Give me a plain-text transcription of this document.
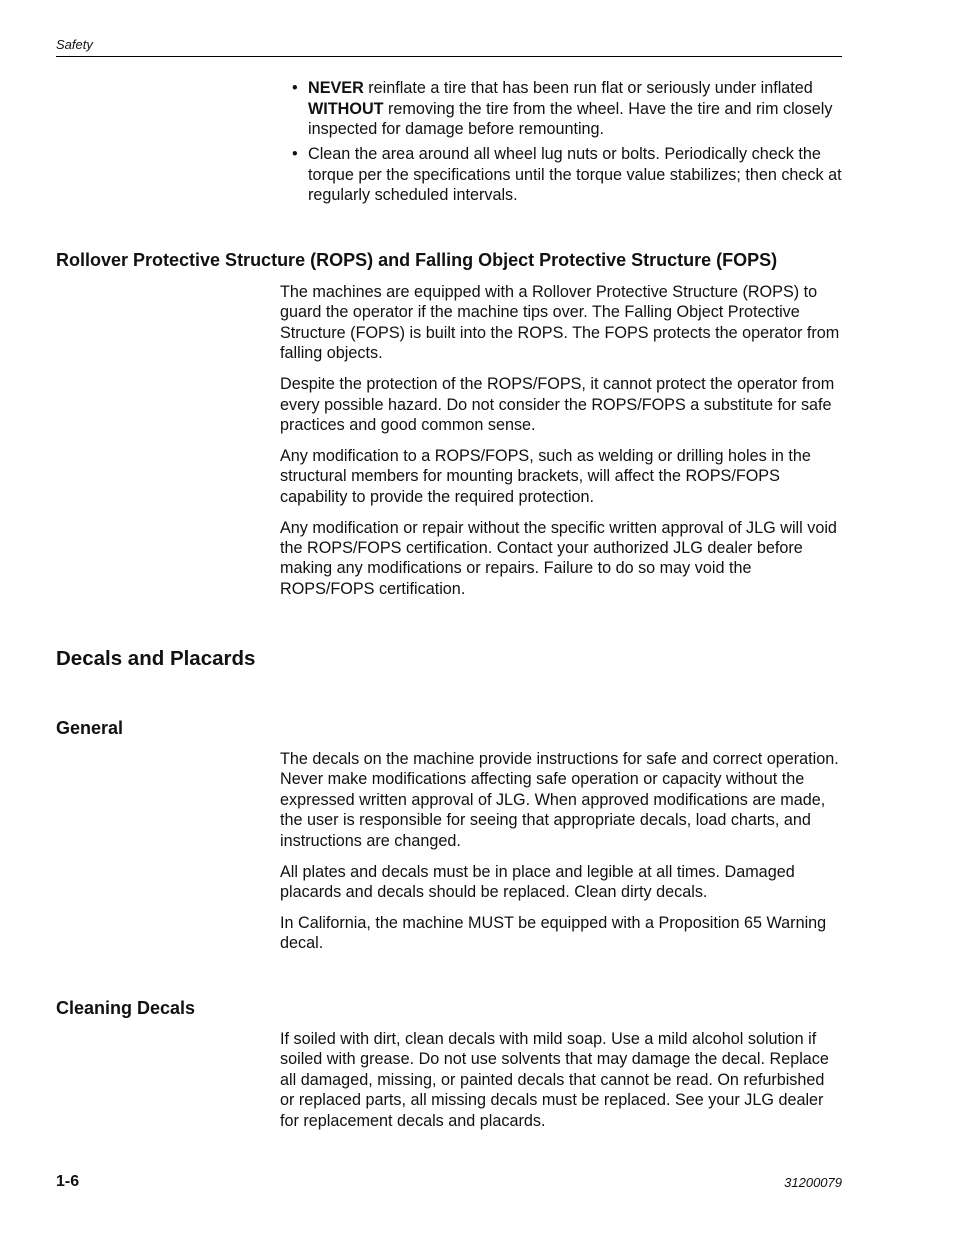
Safety
• NEVER reinflate a tire that has been run flat or seriously under inflated WITHOUT removing the tire from the wheel. Have the tire and rim closely inspected for damage before remounting.
• Clean the area around all wheel lug nuts or bolts. Periodically check the torque per the specifications until the torque value stabilizes; then check at regularly scheduled intervals.
Rollover Protective Structure (ROPS) and Falling Object Protective Structure (FOPS)

The machines are equipped with a Rollover Protective Structure (ROPS) to guard the operator if the machine tips over. The Falling Object Protective Structure (FOPS) is built into the ROPS. The FOPS protects the operator from falling objects.

Despite the protection of the ROPS/FOPS, it cannot protect the operator from every possible hazard. Do not consider the ROPS/FOPS a substitute for safe practices and good common sense.

Any modification to a ROPS/FOPS, such as welding or drilling holes in the structural members for mounting brackets, will affect the ROPS/FOPS capability to provide the required protection.

Any modification or repair without the specific written approval of JLG will void the ROPS/FOPS certification. Contact your authorized JLG dealer before making any modifications or repairs. Failure to do so may void the ROPS/FOPS certification.

Decals and Placards
General

The decals on the machine provide instructions for safe and correct operation. Never make modifications affecting safe operation or capacity without the expressed written approval of JLG. When approved modifications are made, the user is responsible for seeing that appropriate decals, load charts, and instructions are changed.

All plates and decals must be in place and legible at all times. Damaged placards and decals should be replaced. Clean dirty decals.

In California, the machine MUST be equipped with a Proposition 65 Warning decal.

Cleaning Decals

If soiled with dirt, clean decals with mild soap. Use a mild alcohol solution if soiled with grease. Do not use solvents that may damage the decal. Replace all damaged, missing, or painted decals that cannot be read. On refurbished or replaced parts, all missing decals must be replaced. See your JLG dealer for replacement decals and placards.

1-6	31200079
